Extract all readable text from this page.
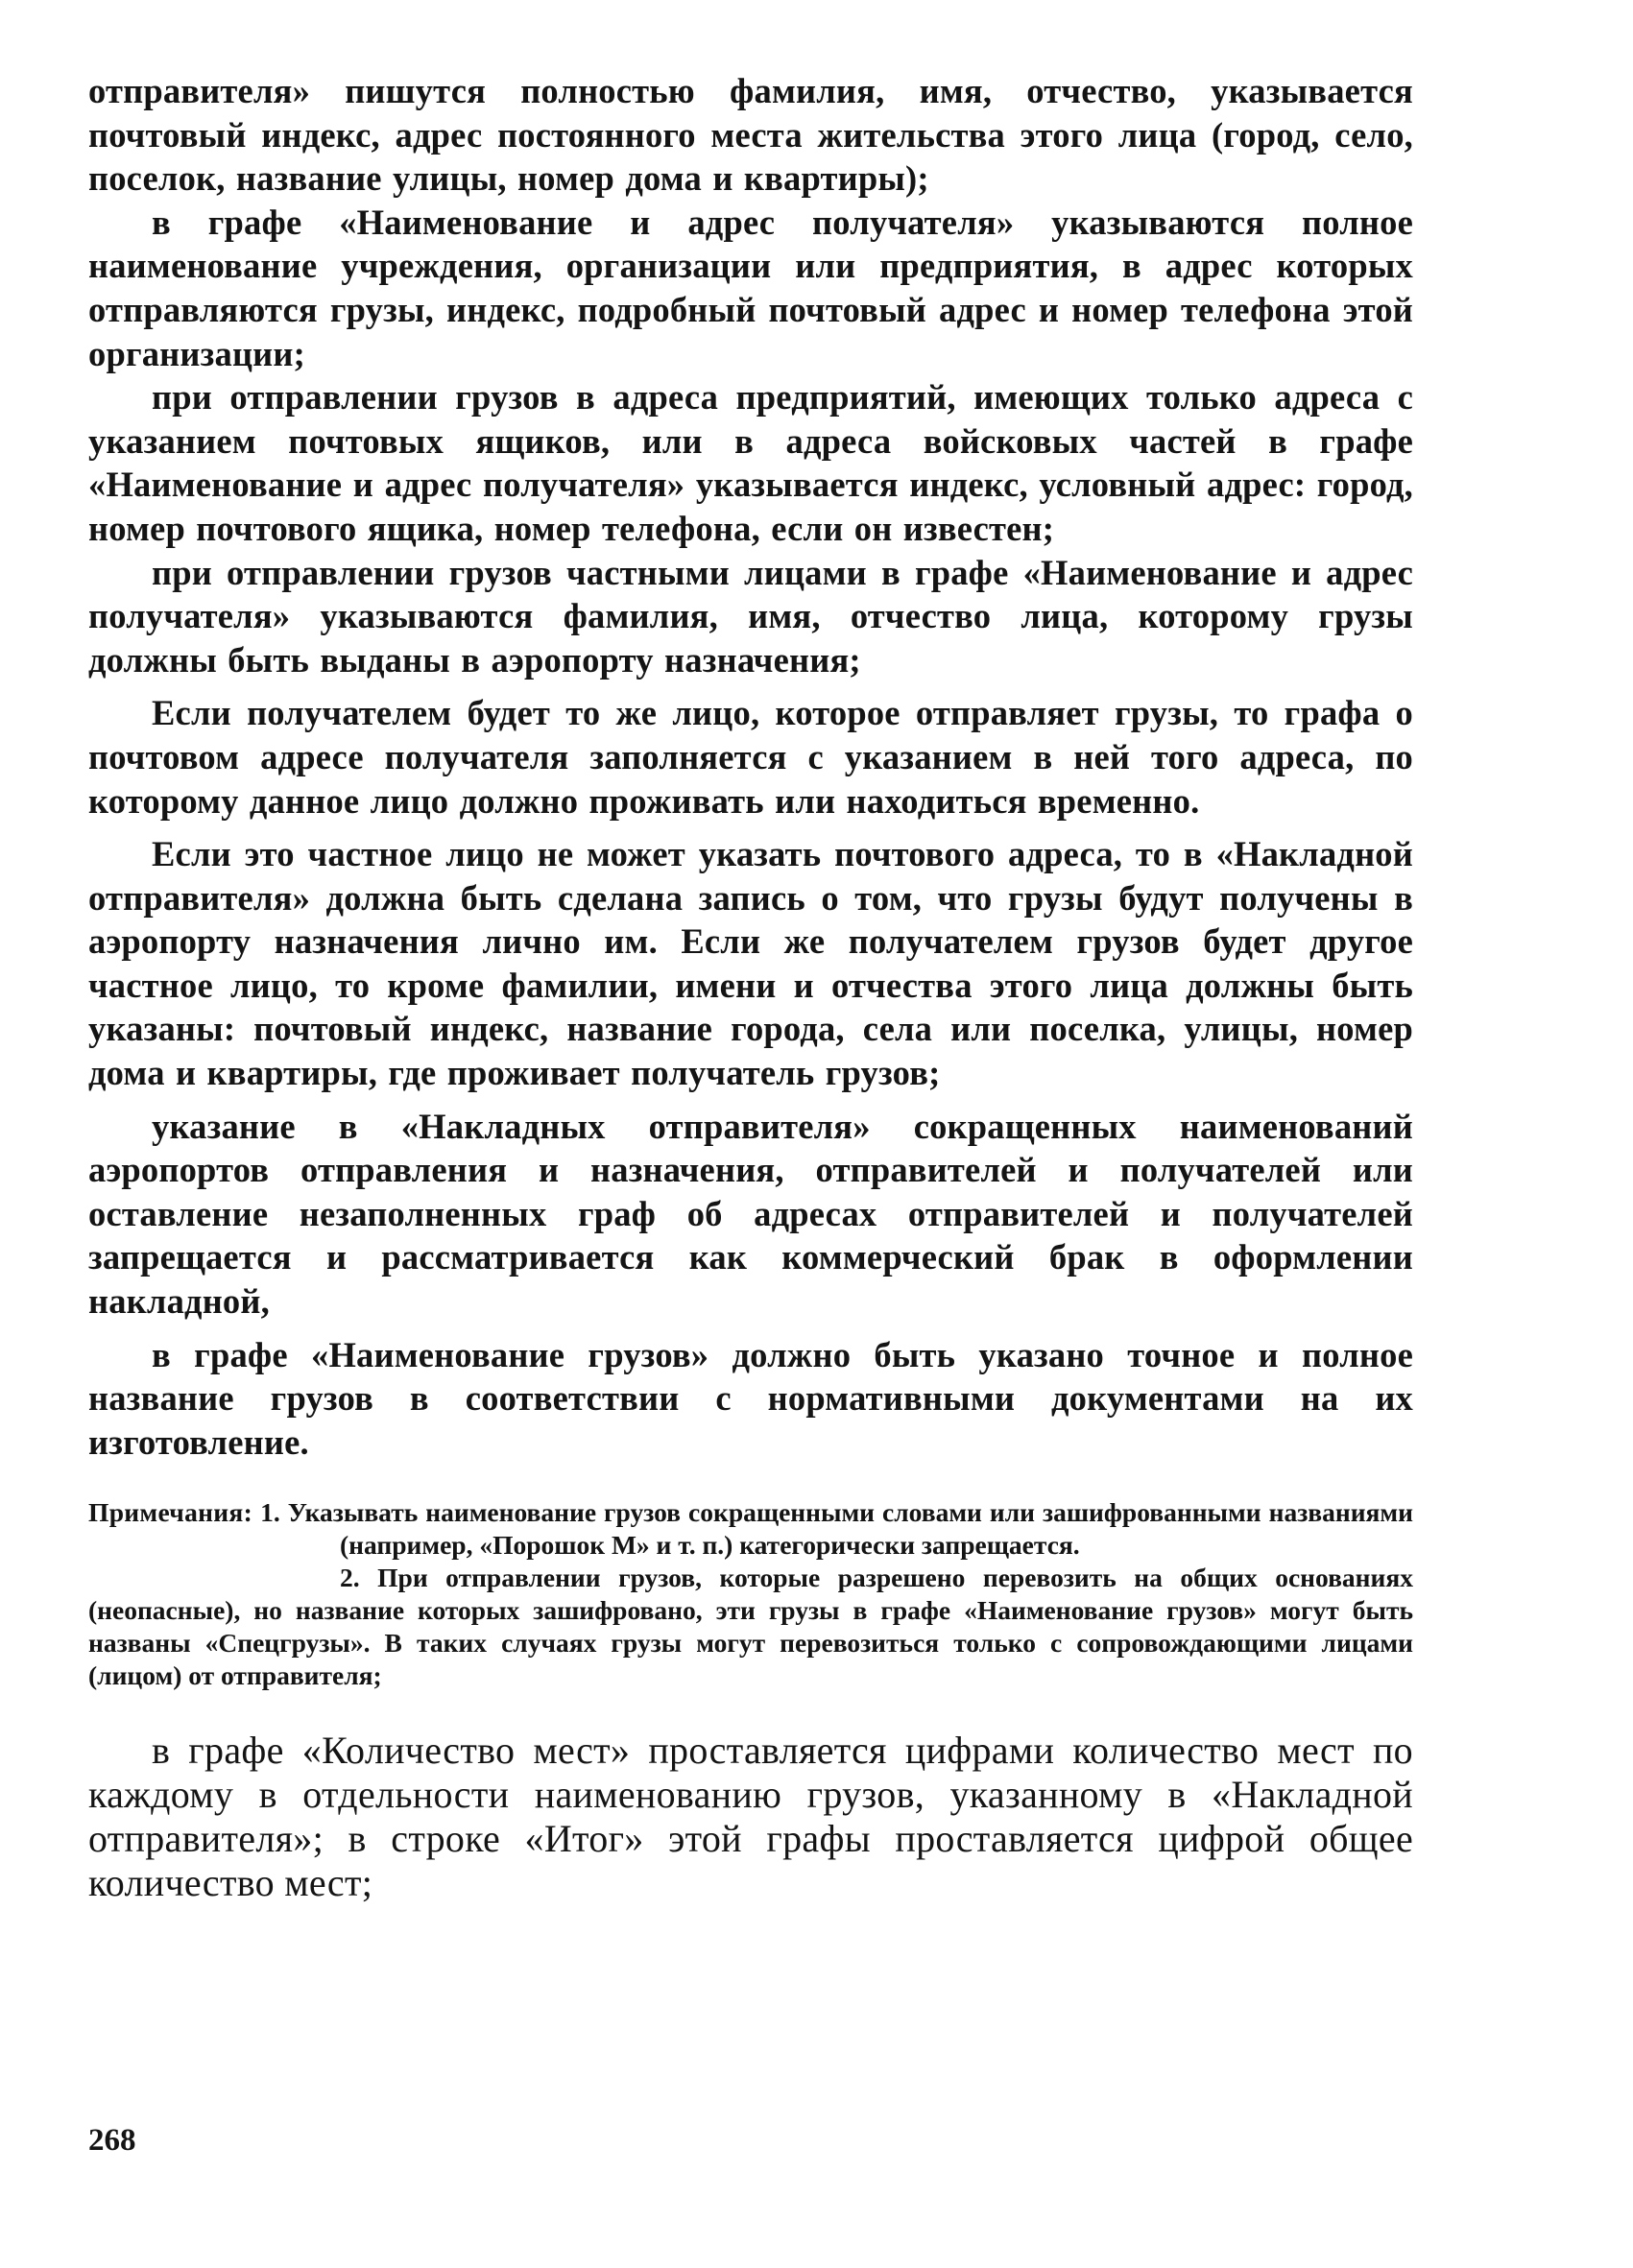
отправителя» пишутся полностью фамилия, имя, отчество, указывается почтовый индекс, адрес постоянного места жительства этого лица (город, село, поселок, название улицы, номер дома и квартиры);

в графе «Наименование и адрес получателя» указываются полное наименование учреждения, организации или предприятия, в адрес которых отправляются грузы, индекс, подробный почтовый адрес и номер телефона этой организации;

при отправлении грузов в адреса предприятий, имеющих только адреса с указанием почтовых ящиков, или в адреса войсковых частей в графе «Наименование и адрес получателя» указывается индекс, условный адрес: город, номер почтового ящика, номер телефона, если он известен;

при отправлении грузов частными лицами в графе «Наименование и адрес получателя» указываются фамилия, имя, отчество лица, которому грузы должны быть выданы в аэропорту назначения;

Если получателем будет то же лицо, которое отправляет грузы, то графа о почтовом адресе получателя заполняется с указанием в ней того адреса, по которому данное лицо должно проживать или находиться временно.

Если это частное лицо не может указать почтового адреса, то в «Накладной отправителя» должна быть сделана запись о том, что грузы будут получены в аэропорту назначения лично им. Если же получателем грузов будет другое частное лицо, то кроме фамилии, имени и отчества этого лица должны быть указаны: почтовый индекс, название города, села или поселка, улицы, номер дома и квартиры, где проживает получатель грузов;

указание в «Накладных отправителя» сокращенных наименований аэропортов отправления и назначения, отправителей и получателей или оставление незаполненных граф об адресах отправителей и получателей запрещается и рассматривается как коммерческий брак в оформлении накладной,

в графе «Наименование грузов» должно быть указано точное и полное название грузов в соответствии с нормативными документами на их изготовление.

Примечания: 1. Указывать наименование грузов сокращенными словами или зашифрованными названиями (например, «Порошок М» и т. п.) категорически запрещается.

2. При отправлении грузов, которые разрешено перевозить на общих основаниях (неопасные), но название которых зашифровано, эти грузы в графе «Наименование грузов» могут быть названы «Спецгрузы». В таких случаях грузы могут перевозиться только с сопровождающими лицами (лицом) от отправителя;

в графе «Количество мест» проставляется цифрами количество мест по каждому в отдельности наименованию грузов, указанному в «Накладной отправителя»; в строке «Итог» этой графы проставляется цифрой общее количество мест;

268
